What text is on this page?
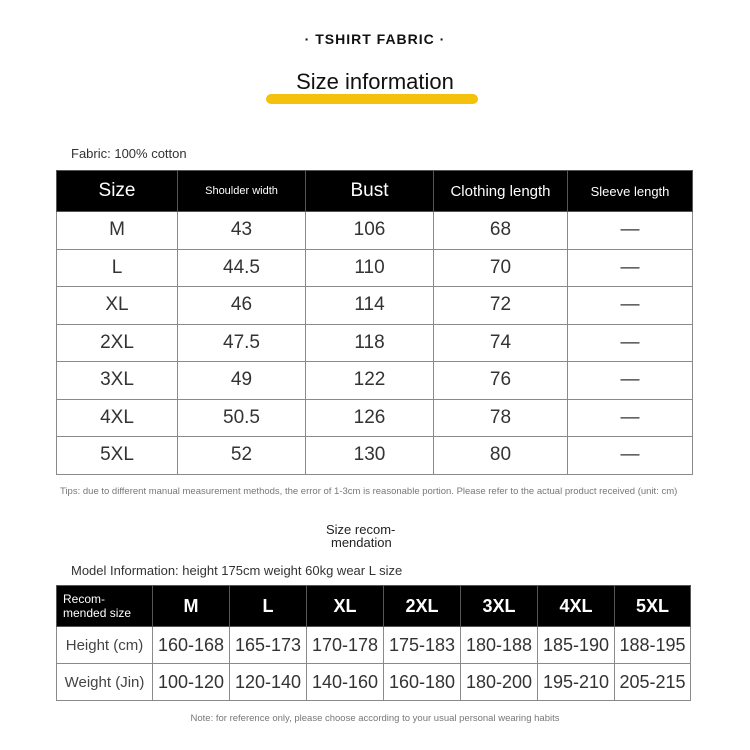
· TSHIRT FABRIC ·
Size information
Fabric: 100% cotton
Size	Shoulder width	Bust	Clothing length	Sleeve length
M	43	106	68	—
L	44.5	110	70	—
XL	46	114	72	—
2XL	47.5	118	74	—
3XL	49	122	76	—
4XL	50.5	126	78	—
5XL	52	130	80	—
Tips: due to different manual measurement methods, the error of 1-3cm is reasonable portion. Please refer to the actual product received (unit: cm)
Size recom-
mendation
Model Information: height 175cm weight 60kg wear L size
Recom-
mended size	M	L	XL	2XL	3XL	4XL	5XL
Height (cm)	160-168	165-173	170-178	175-183	180-188	185-190	188-195
Weight (Jin)	100-120	120-140	140-160	160-180	180-200	195-210	205-215
Note: for reference only, please choose according to your usual personal wearing habits
